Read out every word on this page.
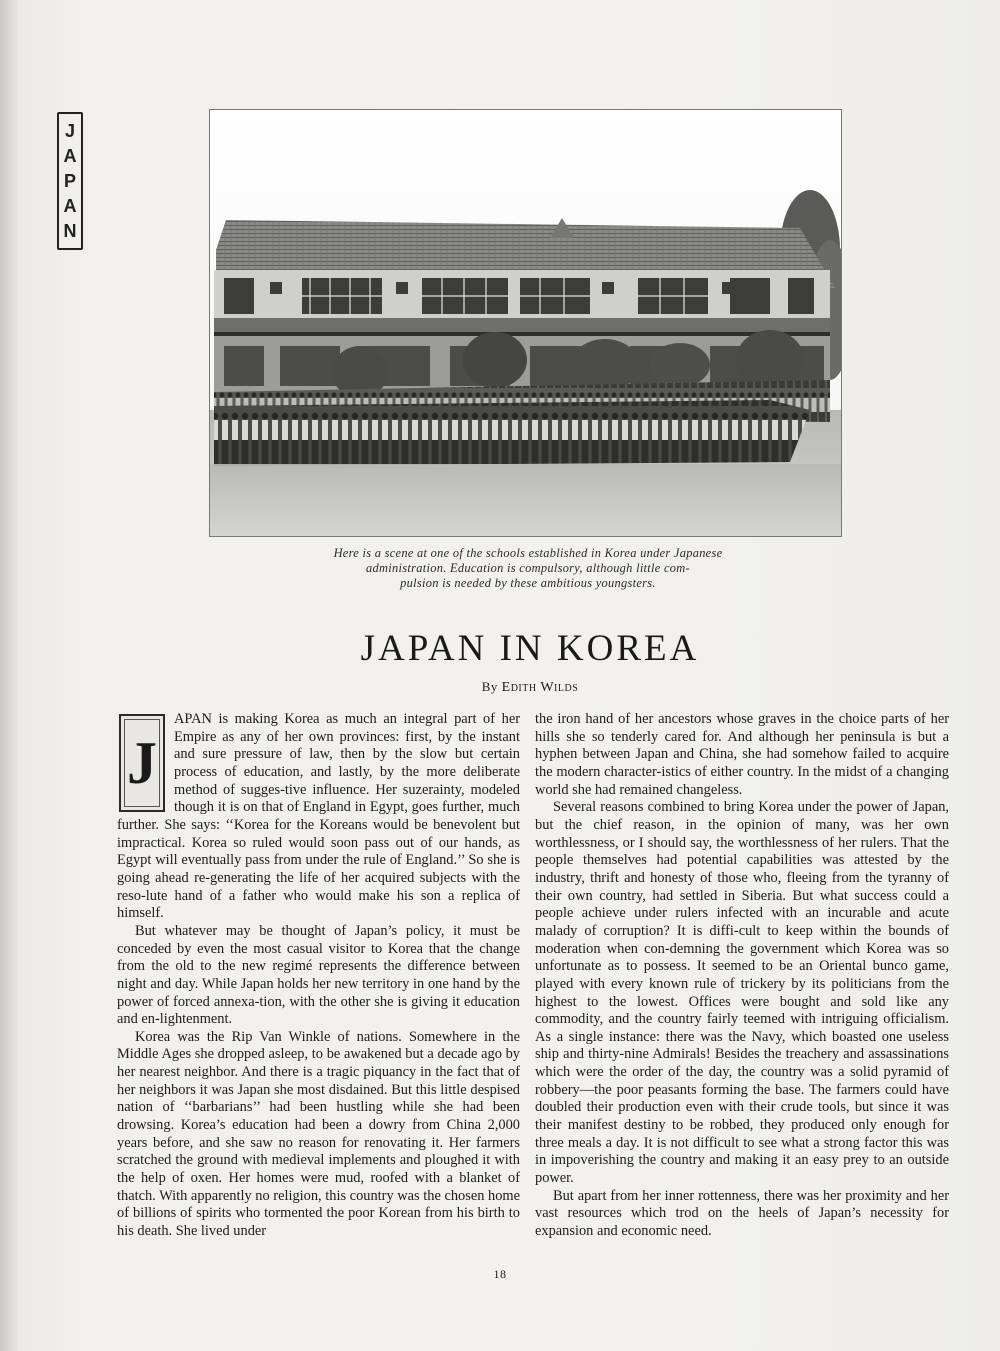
J
A
P
A
N
Here is a scene at one of the schools established in Korea under Japanese
administration. Education is compulsory, although little com-
pulsion is needed by these ambitious youngsters.
JAPAN IN KOREA
By Edith Wilds

J
APAN is making Korea as much an integral part of her Empire as any of her own provinces: first, by the instant and sure pressure of law, then by the slow but certain process of education, and lastly, by the more deliberate method of sugges-tive influence. Her suzerainty, modeled though it is on that of England in Egypt, goes further, much further. She says: ‘‘Korea for the Koreans would be benevolent but impractical. Korea so ruled would soon pass out of our hands, as Egypt will eventually pass from under the rule of England.’’ So she is going ahead re-generating the life of her acquired subjects with the reso-lute hand of a father who would make his son a replica of himself.

But whatever may be thought of Japan’s policy, it must be conceded by even the most casual visitor to Korea that the change from the old to the new regimé represents the difference between night and day. While Japan holds her new territory in one hand by the power of forced annexa-tion, with the other she is giving it education and en-lightenment.

Korea was the Rip Van Winkle of nations. Somewhere in the Middle Ages she dropped asleep, to be awakened but a decade ago by her nearest neighbor. And there is a tragic piquancy in the fact that of her neighbors it was Japan she most disdained. But this little despised nation of ‘‘barbarians’’ had been hustling while she had been drowsing. Korea’s education had been a dowry from China 2,000 years before, and she saw no reason for renovating it. Her farmers scratched the ground with medieval implements and ploughed it with the help of oxen. Her homes were mud, roofed with a blanket of thatch. With apparently no religion, this country was the chosen home of billions of spirits who tormented the poor Korean from his birth to his death. She lived under

the iron hand of her ancestors whose graves in the choice parts of her hills she so tenderly cared for. And although her peninsula is but a hyphen between Japan and China, she had somehow failed to acquire the modern character-istics of either country. In the midst of a changing world she had remained changeless.

Several reasons combined to bring Korea under the power of Japan, but the chief reason, in the opinion of many, was her own worthlessness, or I should say, the worthlessness of her rulers. That the people themselves had potential capabilities was attested by the industry, thrift and honesty of those who, fleeing from the tyranny of their own country, had settled in Siberia. But what success could a people achieve under rulers infected with an incurable and acute malady of corruption? It is diffi-cult to keep within the bounds of moderation when con-demning the government which Korea was so unfortunate as to possess. It seemed to be an Oriental bunco game, played with every known rule of trickery by its politicians from the highest to the lowest. Offices were bought and sold like any commodity, and the country fairly teemed with intriguing officialism. As a single instance: there was the Navy, which boasted one useless ship and thirty-nine Admirals! Besides the treachery and assassinations which were the order of the day, the country was a solid pyramid of robbery—the poor peasants forming the base. The farmers could have doubled their production even with their crude tools, but since it was their manifest destiny to be robbed, they produced only enough for three meals a day. It is not difficult to see what a strong factor this was in impoverishing the country and making it an easy prey to an outside power.

But apart from her inner rottenness, there was her proximity and her vast resources which trod on the heels of Japan’s necessity for expansion and economic need.

18
